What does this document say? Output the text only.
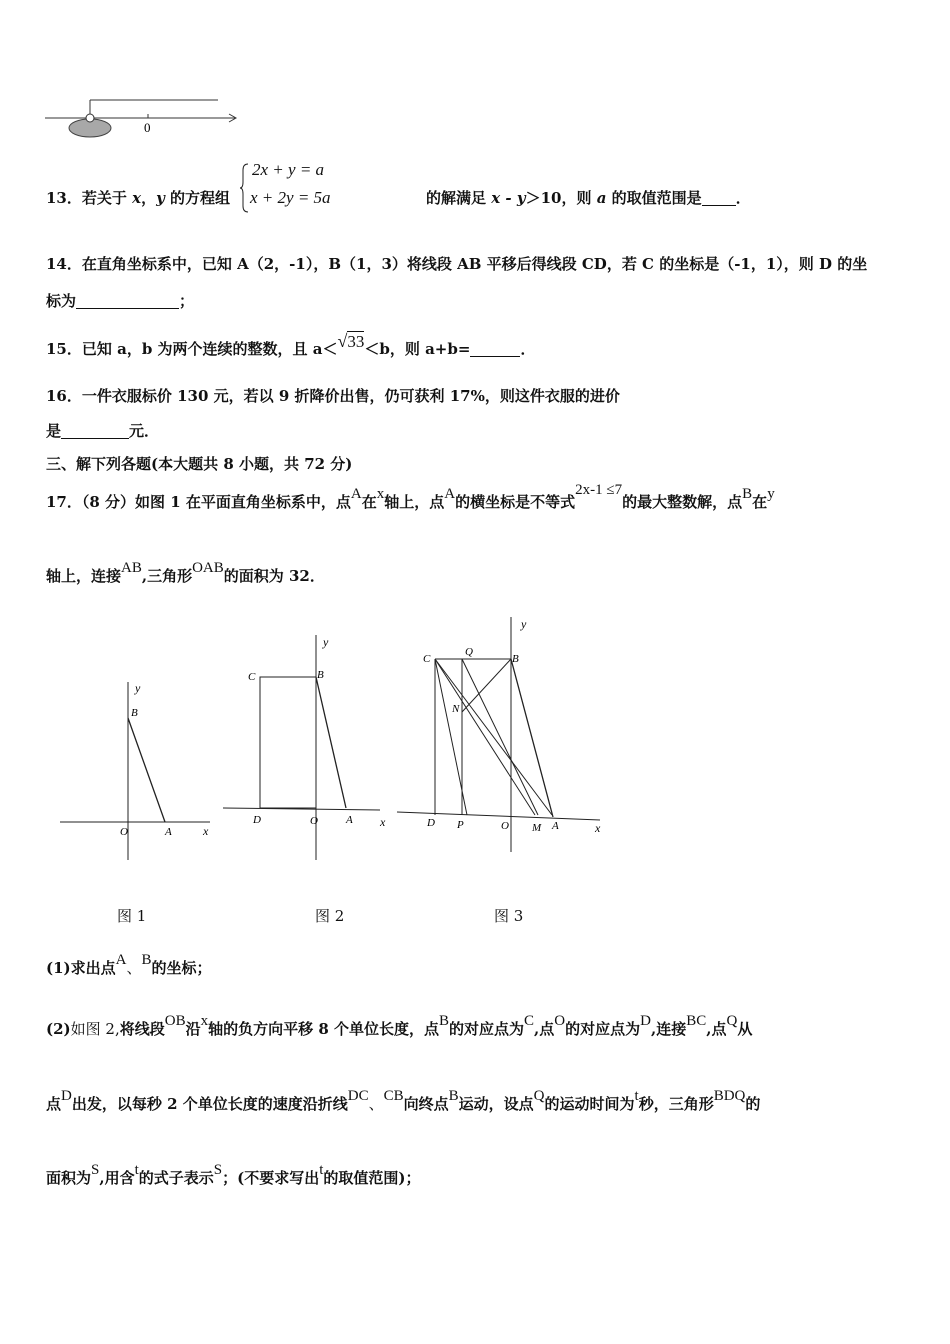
0
13．若关于 x，y 的方程组	的解满足 x - y＞10，则 a 的取值范围是 ．
2x + y = a
x + 2y = 5a
14．在直角坐标系中，已知 A（2，-1），B（1，3）将线段 AB 平移后得线段 CD，若 C 的坐标是（-1，1），则 D 的坐
标为	；
15．已知 a，b 为两个连续的整数，且 a＜√33＜b，则 a+b=	．
16．一件衣服标价 130 元，若以 9 折降价出售，仍可获利 17%，则这件衣服的进价
是	元．
三、解下列各题(本大题共 8 小题，共 72 分)
17．（8 分）如图 1 在平面直角坐标系中，点A在x轴上，点A的横坐标是不等式2x-1 ≤7的最大整数解，点B在y
轴上，连接AB,三角形OAB的面积为 32．
y
B
O	A	x
图 1
y
C	B
D	O	A x
图 2
y
C
Q
B
N
D P	O M A	x
图 3
(1)求出点A、B的坐标；
(2)如图 2,将线段OB沿x轴的负方向平移 8 个单位长度，点B的对应点为C,点O的对应点为D,连接BC,点Q从
点D出发，以每秒 2 个单位长度的速度沿折线DC、CB向终点B运动，设点Q的运动时间为t秒，三角形BDQ的
面积为S,用含t的式子表示S；(不要求写出t的取值范围)；
